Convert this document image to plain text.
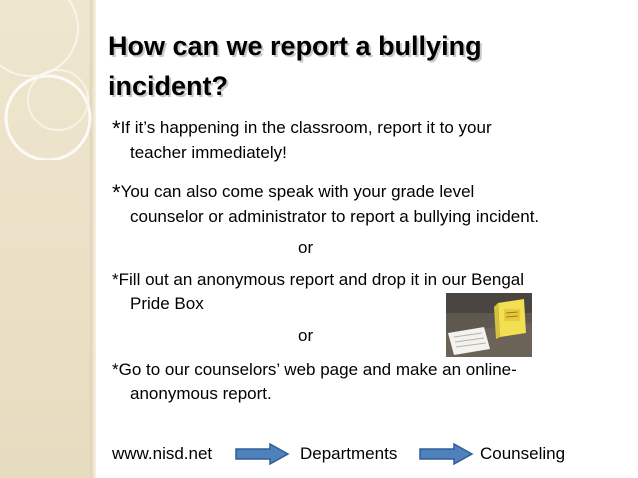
How can we report a bullying incident?
*If it’s happening in the classroom, report it to your
teacher immediately!
*You can also come speak with your grade level
counselor or administrator to report a bullying incident.
or
*Fill out an anonymous report and drop it in our Bengal
Pride Box
or
*Go to our counselors’ web page and make an online-
anonymous report.
www.nisd.net	Departments	Counseling
